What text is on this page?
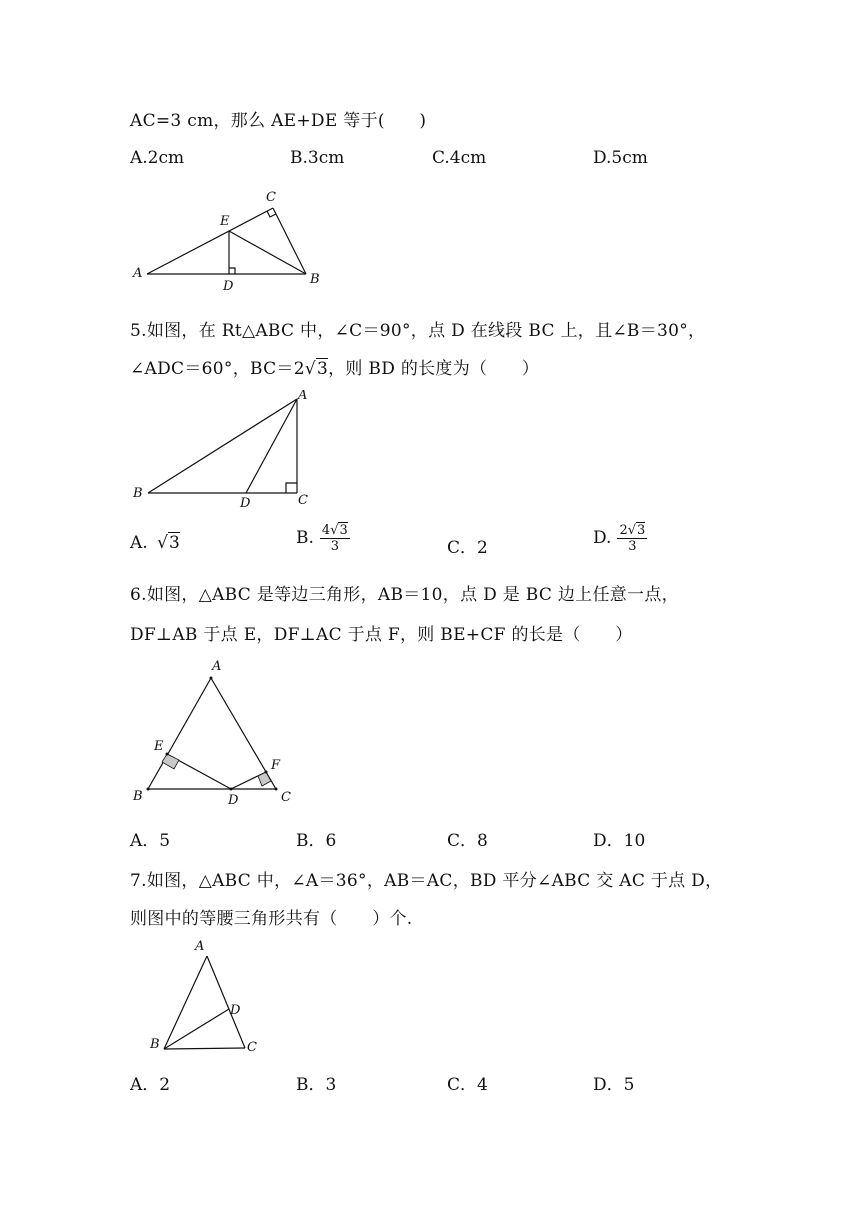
AC=3 cm，那么 AE+DE 等于(　　)
A.2cm	B.3cm	C.4cm	D.5cm
A	B
C
D
E
5.如图，在 Rt△ABC 中，∠C＝90°，点 D 在线段 BC 上，且∠B＝30°，
∠ADC＝60°，BC＝2√3，则 BD 的长度为（　　）
B
A
C
D
A. √3	B. $\frac{4√3}{3}$	C．2	D. $\frac{2√3}{3}$
6.如图，△ABC 是等边三角形，AB＝10，点 D 是 BC 边上任意一点，
DF⊥AB 于点 E，DF⊥AC 于点 F，则 BE+CF 的长是（　　）
A
B	C
D
E
F
A．5	B．6	C．8	D．10
7.如图，△ABC 中，∠A＝36°，AB＝AC，BD 平分∠ABC 交 AC 于点 D，
则图中的等腰三角形共有（　　）个.
A
B	C
D
A．2	B．3	C．4	D．5
